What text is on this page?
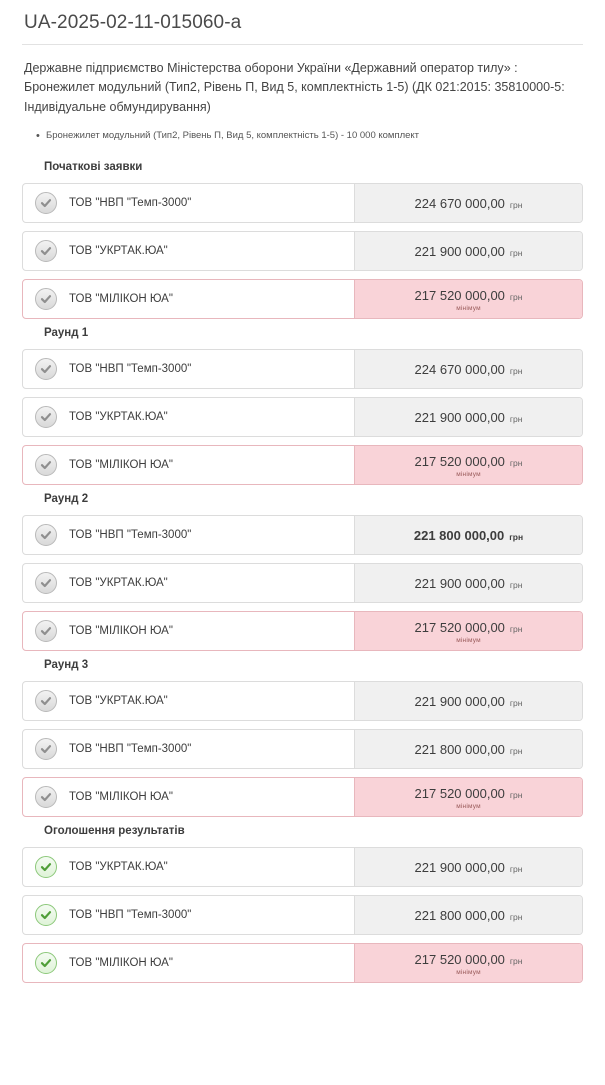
UA-2025-02-11-015060-a

Державне підприємство Міністерства оборони України «Державний оператор тилу» : Бронежилет модульний (Тип2, Рівень П, Вид 5, комплектність 1-5) (ДК 021:2015: 35810000-5: Індивідуальне обмундирування)

• Бронежилет модульний (Тип2, Рівень П, Вид 5, комплектність 1-5) - 10 000 комплект
Початкові заявки
ТОВ "НВП "Темп-3000"	224 670 000,00 грн
ТОВ "УКРТАК.ЮА"	221 900 000,00 грн
ТОВ "МІЛІКОН ЮА"	217 520 000,00 грн
мінімум
Раунд 1
ТОВ "НВП "Темп-3000"	224 670 000,00 грн
ТОВ "УКРТАК.ЮА"	221 900 000,00 грн
ТОВ "МІЛІКОН ЮА"	217 520 000,00 грн
мінімум
Раунд 2
ТОВ "НВП "Темп-3000"	221 800 000,00 грн
ТОВ "УКРТАК.ЮА"	221 900 000,00 грн
ТОВ "МІЛІКОН ЮА"	217 520 000,00 грн
мінімум
Раунд 3
ТОВ "УКРТАК.ЮА"	221 900 000,00 грн
ТОВ "НВП "Темп-3000"	221 800 000,00 грн
ТОВ "МІЛІКОН ЮА"	217 520 000,00 грн
мінімум
Оголошення результатів
ТОВ "УКРТАК.ЮА"	221 900 000,00 грн
ТОВ "НВП "Темп-3000"	221 800 000,00 грн
ТОВ "МІЛІКОН ЮА"	217 520 000,00 грн
мінімум
